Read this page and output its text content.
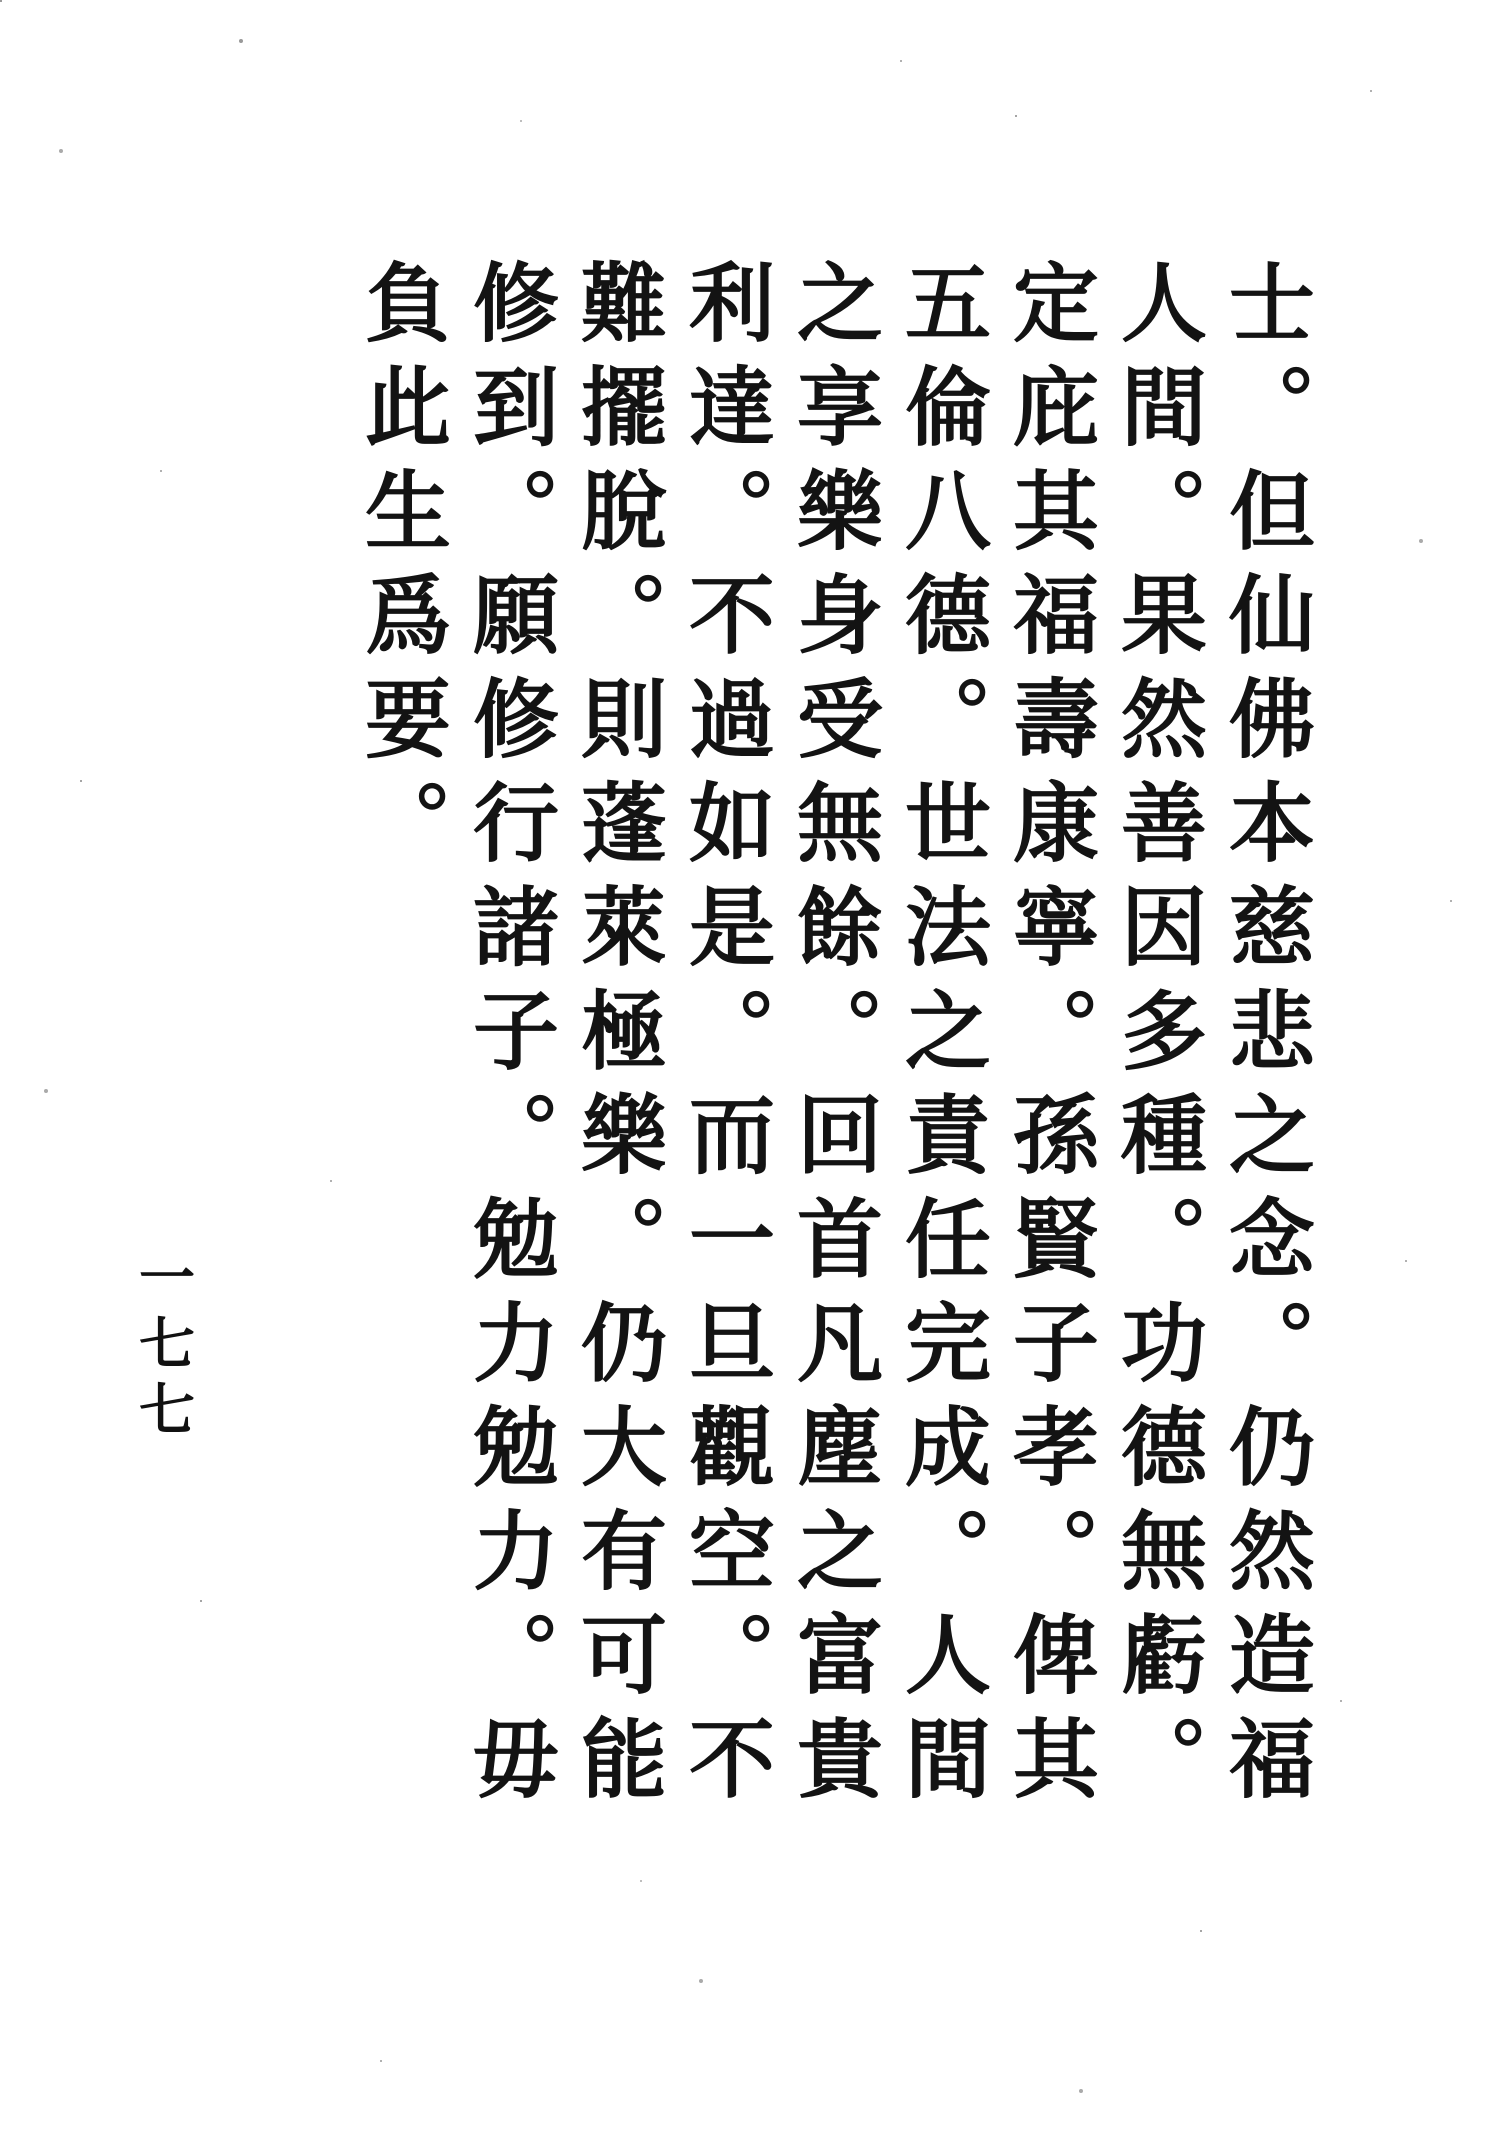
士。但仙佛本慈悲之念。仍然造福
人間。果然善因多種。功德無虧。
定庇其福壽康寧。孫賢子孝。俾其
五倫八德。世法之責任完成。人間
之享樂身受無餘。回首凡塵之富貴
利達。不過如是。而一旦觀空。不
難擺脫。則蓬萊極樂。仍大有可能
修到。願修行諸子。勉力勉力。毋
負此生爲要。
一七七
